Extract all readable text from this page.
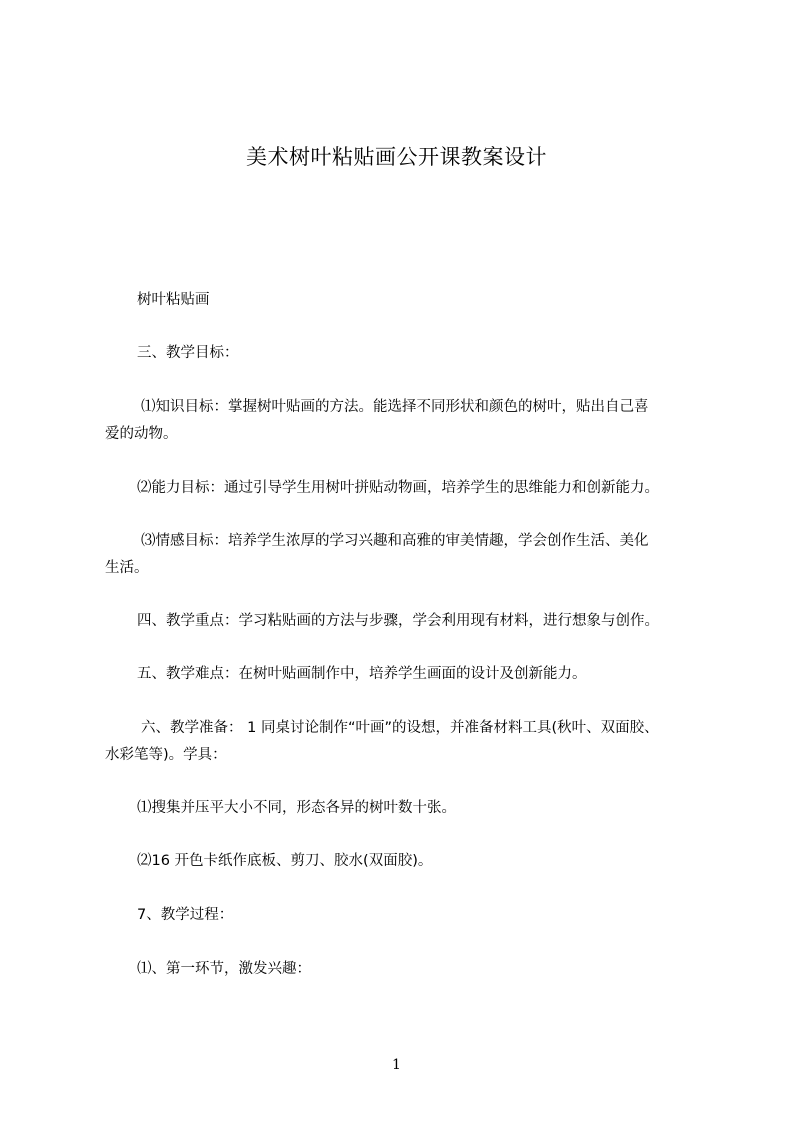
美术树叶粘贴画公开课教案设计

树叶粘贴画

三、教学目标：

⑴知识目标：掌握树叶贴画的方法。能选择不同形状和颜色的树叶，贴出自己喜
爱的动物。

⑵能力目标：通过引导学生用树叶拼贴动物画，培养学生的思维能力和创新能力。

⑶情感目标：培养学生浓厚的学习兴趣和高雅的审美情趣，学会创作生活、美化
生活。

四、教学重点：学习粘贴画的方法与步骤，学会利用现有材料，进行想象与创作。

五、教学难点：在树叶贴画制作中，培养学生画面的设计及创新能力。

六、教学准备： 1 同桌讨论制作“叶画”的设想，并准备材料工具(秋叶、双面胶、
水彩笔等)。学具：

⑴搜集并压平大小不同，形态各异的树叶数十张。

⑵16 开色卡纸作底板、剪刀、胶水(双面胶)。

7、教学过程：

⑴、第一环节，激发兴趣：

1
